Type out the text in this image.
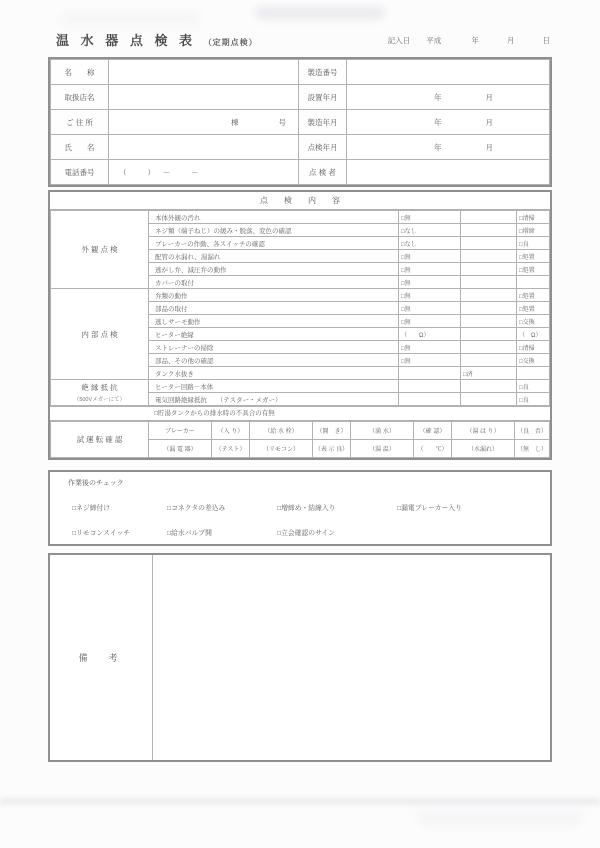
温 水 器 点 検 表 （定期点検）	記入日 平成	年	月	日
名　　称		製造番号	
取扱店名		設置年月	年 月
ご 住 所	棟 号	製造年月	年 月
氏　　名		点検年月	年 月
電話番号	（　　）　－　　－	点 検 者	
点　　検　　内　　容
外 観 点 検	本体外観の汚れ	□無		□清掃
	ネジ類（端子ねじ）の緩み・脱落、変色の確認	□なし		□増締
	ブレーカーの作動、各スイッチの確認	□なし		□良
	配管の水漏れ、湯漏れ	□無		□処置
	逃がし弁、減圧弁の動作	□無		□処置
	カバーの取付	□無		
内 部 点 検	弁類の動作	□無		□処置
	部品の取付	□無		□処置
	逃しサーモ動作	□無		□交換
	ヒーター絶縁	（　　Ω）		（　Ω）
	ストレーナーの掃除	□無		□清掃
	部品、その他の確認	□無		□交換
	タンク水抜き		□済	
絶 縁 抵 抗
（500Vメガーにて）	ヒーター回路－本体			□良
	電気回路絶縁抵抗　　（テスター・メガー）			□良
□貯湯タンクからの排水時の不具合の有無
試 運 転 確 認	ブレーカー	（入 り）	（給 水 栓）	（開　き）	（満 水）	（確 認）	（湯 は り）	（良　否）
	（漏 電 器）	（テスト）	（リモコン）	（表 示 良）	（湯 温）	（　　℃）	（水漏れ）	（無　し）
作業後のチェック
□ネジ締付け	□コネクタの差込み	□増締め・結線入り	□漏電ブレーカー入り
□リモコンスイッチ	□給水バルブ開	□立会確認のサイン
備　考
